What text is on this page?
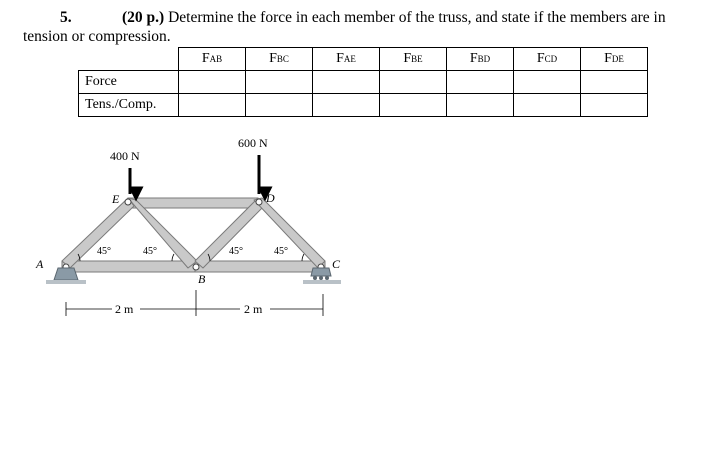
5.	(20 p.) Determine the force in each member of the truss, and state if the members are in
tension or compression.
	FAB	FBC	FAE	FBE	FBD	FCD	FDE
Force							
Tens./Comp.							
400 N
600 N
A
B
C
D
E
45°	45°	45°	45°
2 m	2 m
